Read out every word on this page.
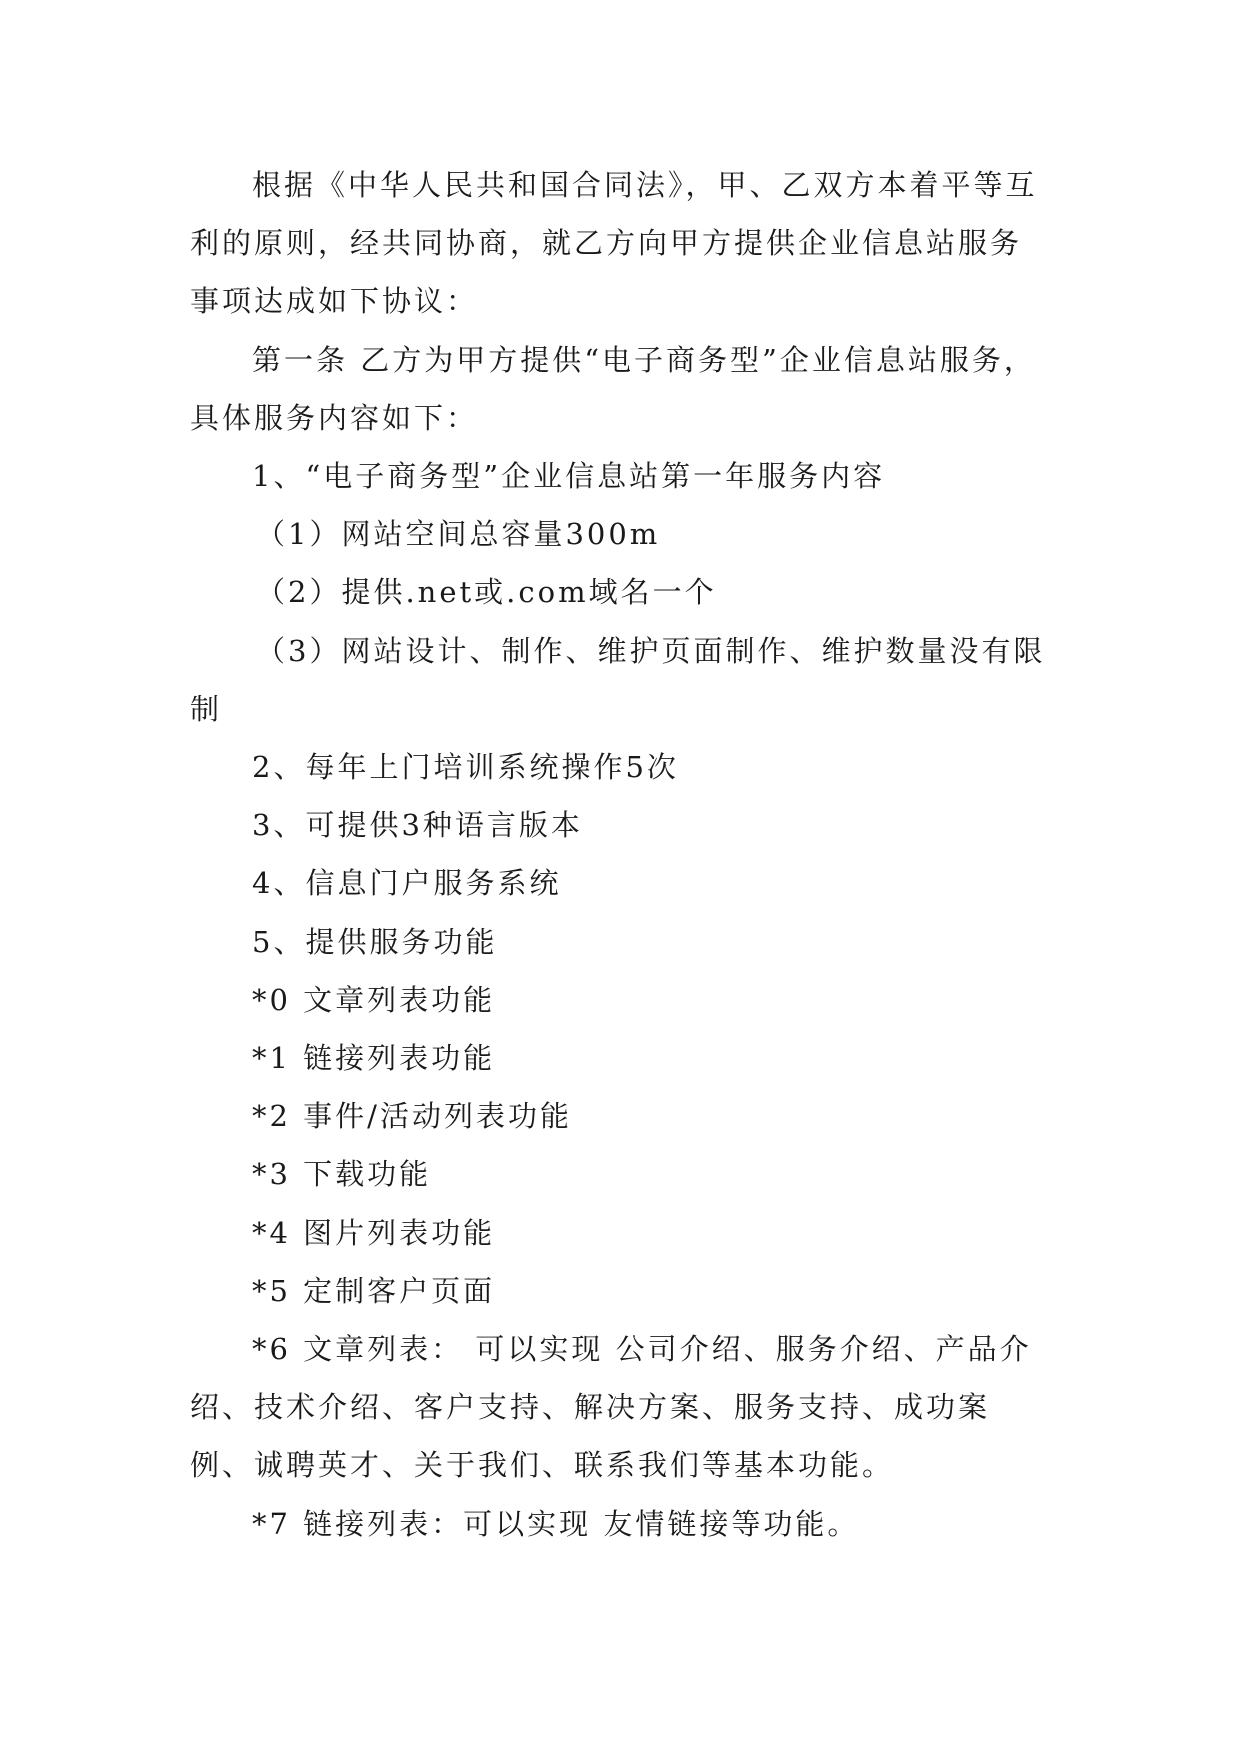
根据《中华人民共和国合同法》，甲、乙双方本着平等互利的原则，经共同协商，就乙方向甲方提供企业信息站服务事项达成如下协议：

第一条 乙方为甲方提供“电子商务型”企业信息站服务，具体服务内容如下：

1、“电子商务型”企业信息站第一年服务内容

（1）网站空间总容量300m

（2）提供.net或.com域名一个

（3）网站设计、制作、维护页面制作、维护数量没有限制

2、每年上门培训系统操作5次

3、可提供3种语言版本

4、信息门户服务系统

5、提供服务功能

*0 文章列表功能

*1 链接列表功能

*2 事件/活动列表功能

*3 下载功能

*4 图片列表功能

*5 定制客户页面

*6 文章列表： 可以实现 公司介绍、服务介绍、产品介绍、技术介绍、客户支持、解决方案、服务支持、成功案例、诚聘英才、关于我们、联系我们等基本功能。

*7 链接列表：可以实现 友情链接等功能。
